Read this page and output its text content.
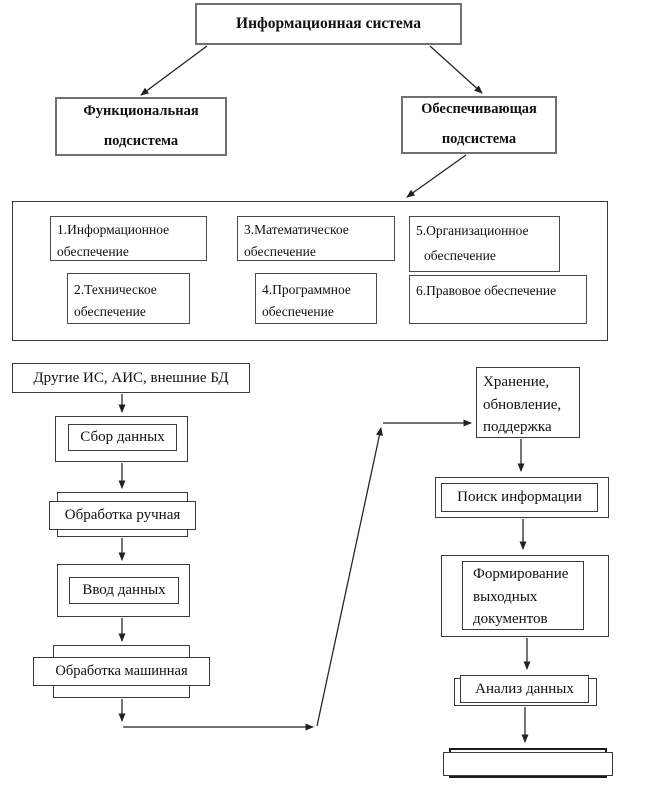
Информационная система
Функциональная подсистема
Обеспечивающая подсистема
1.Информационное обеспечение
3.Математическое обеспечение
5.Организационное обеспечение
2.Техническое обеспечение
4.Программное обеспечение
6.Правовое обеспечение
Другие ИС, АИС, внешние БД
Сбор данных
Обработка ручная
Ввод данных
Обработка машинная
Хранение, обновление, поддержка
Поиск информации
Формирование выходных документов
Анализ данных
